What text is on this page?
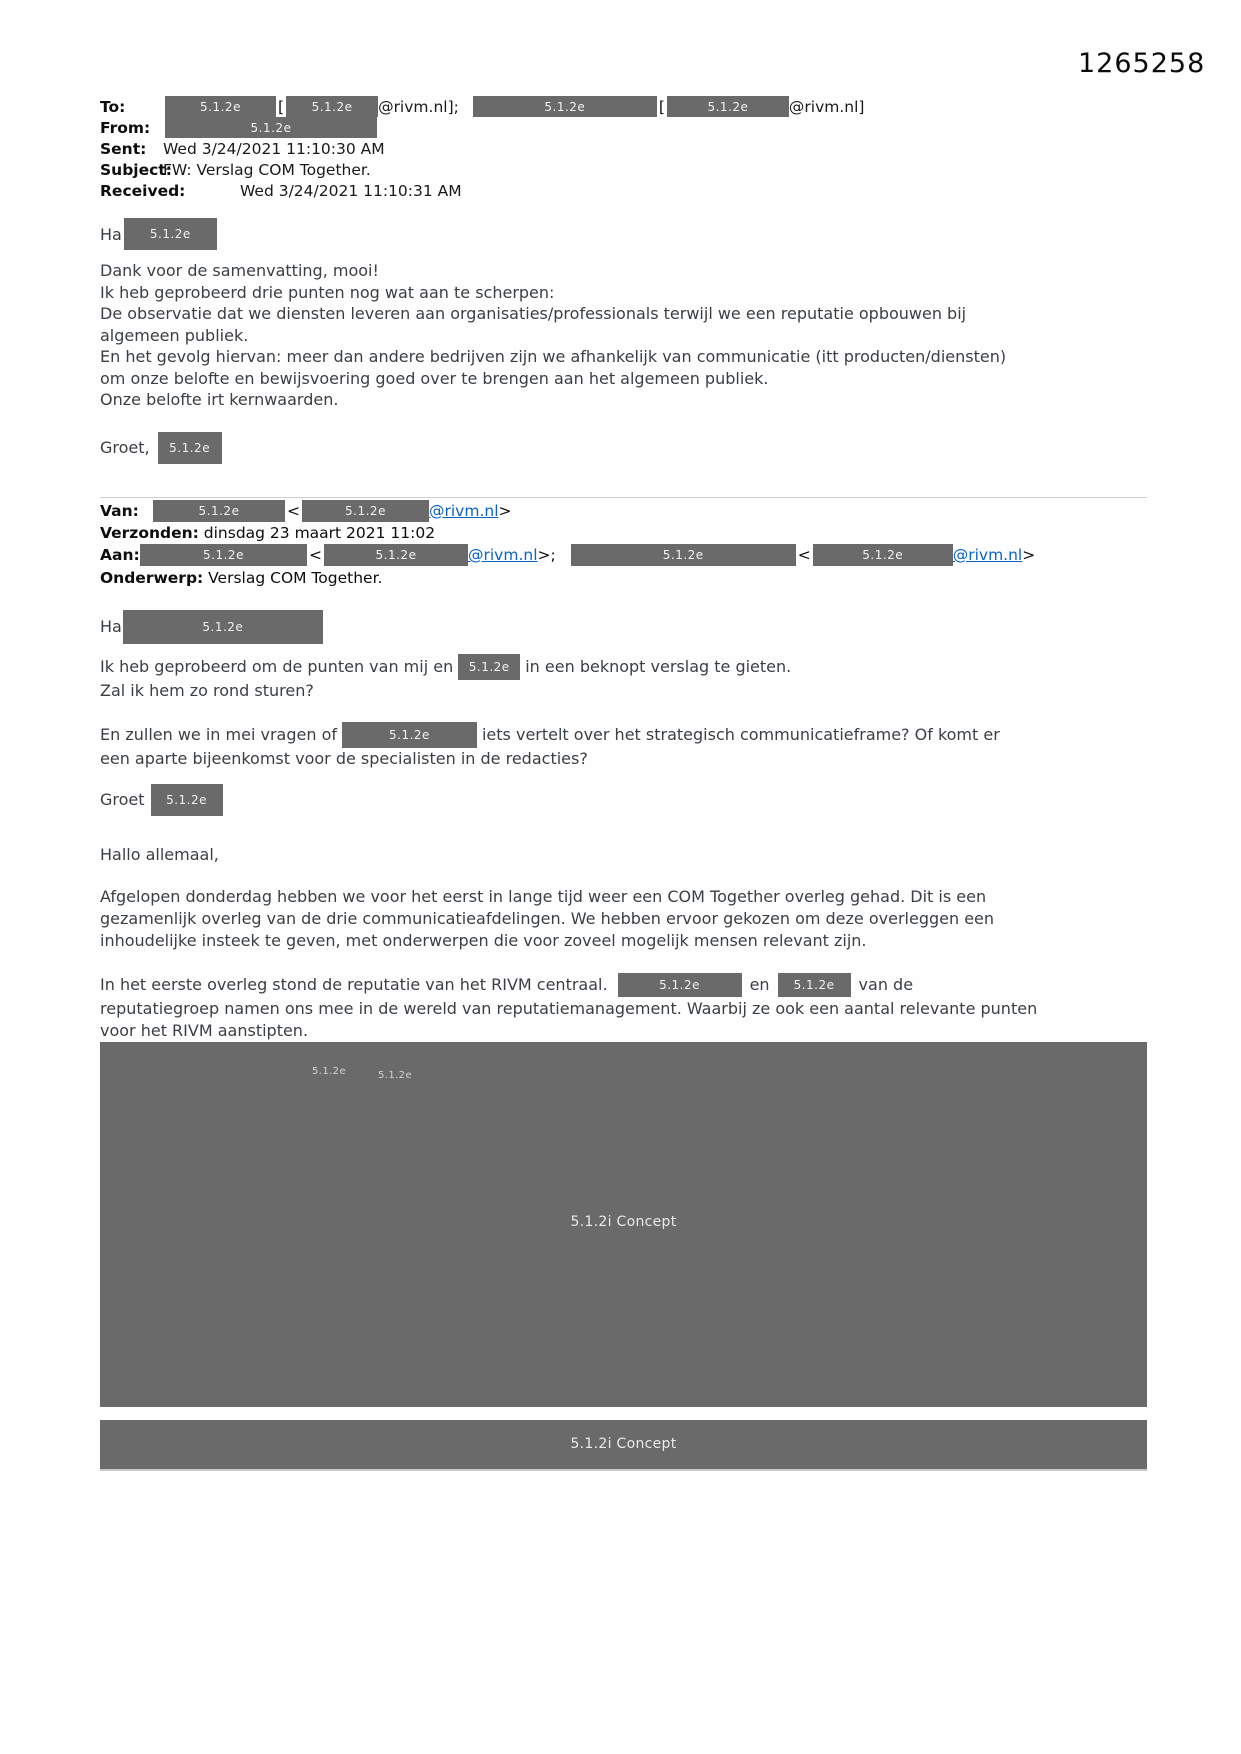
1265258
To:	5.1.2e	[	5.1.2e	@rivm.nl];	5.1.2e	[	5.1.2e	@rivm.nl]
From:	5.1.2e
Sent:	Wed 3/24/2021 11:10:30 AM
Subject:
FW: Verslag COM Together.
Received:	Wed 3/24/2021 11:10:31 AM
Ha	5.1.2e
Dank voor de samenvatting, mooi!
Ik heb geprobeerd drie punten nog wat aan te scherpen:
De observatie dat we diensten leveren aan organisaties/professionals terwijl we een reputatie opbouwen bij
algemeen publiek.
En het gevolg hiervan: meer dan andere bedrijven zijn we afhankelijk van communicatie (itt producten/diensten)
om onze belofte en bewijsvoering goed over te brengen aan het algemeen publiek.
Onze belofte irt kernwaarden.
Groet,	5.1.2e
Van:	5.1.2e	<	5.1.2e	@rivm.nl >
Verzonden: dinsdag 23 maart 2021 11:02
Aan:	5.1.2e	<	5.1.2e	@rivm.nl >;	5.1.2e	<	5.1.2e	@rivm.nl >
Onderwerp: Verslag COM Together.
Ha	5.1.2e
Ik heb geprobeerd om de punten van mij en	5.1.2e in een beknopt verslag te gieten.
Zal ik hem zo rond sturen?
En zullen we in mei vragen of	5.1.2e	iets vertelt over het strategisch communicatieframe? Of komt er
een aparte bijeenkomst voor de specialisten in de redacties?
Groet	5.1.2e
Hallo allemaal,
Afgelopen donderdag hebben we voor het eerst in lange tijd weer een COM Together overleg gehad. Dit is een
gezamenlijk overleg van de drie communicatieafdelingen. We hebben ervoor gekozen om deze overleggen een
inhoudelijke insteek te geven, met onderwerpen die voor zoveel mogelijk mensen relevant zijn.
In het eerste overleg stond de reputatie van het RIVM centraal.	5.1.2e	en	5.1.2e	van de
reputatiegroep namen ons mee in de wereld van reputatiemanagement. Waarbij ze ook een aantal relevante punten
voor het RIVM aanstipten.
5.1.2e	5.1.2e
5.1.2i Concept
5.1.2i Concept
